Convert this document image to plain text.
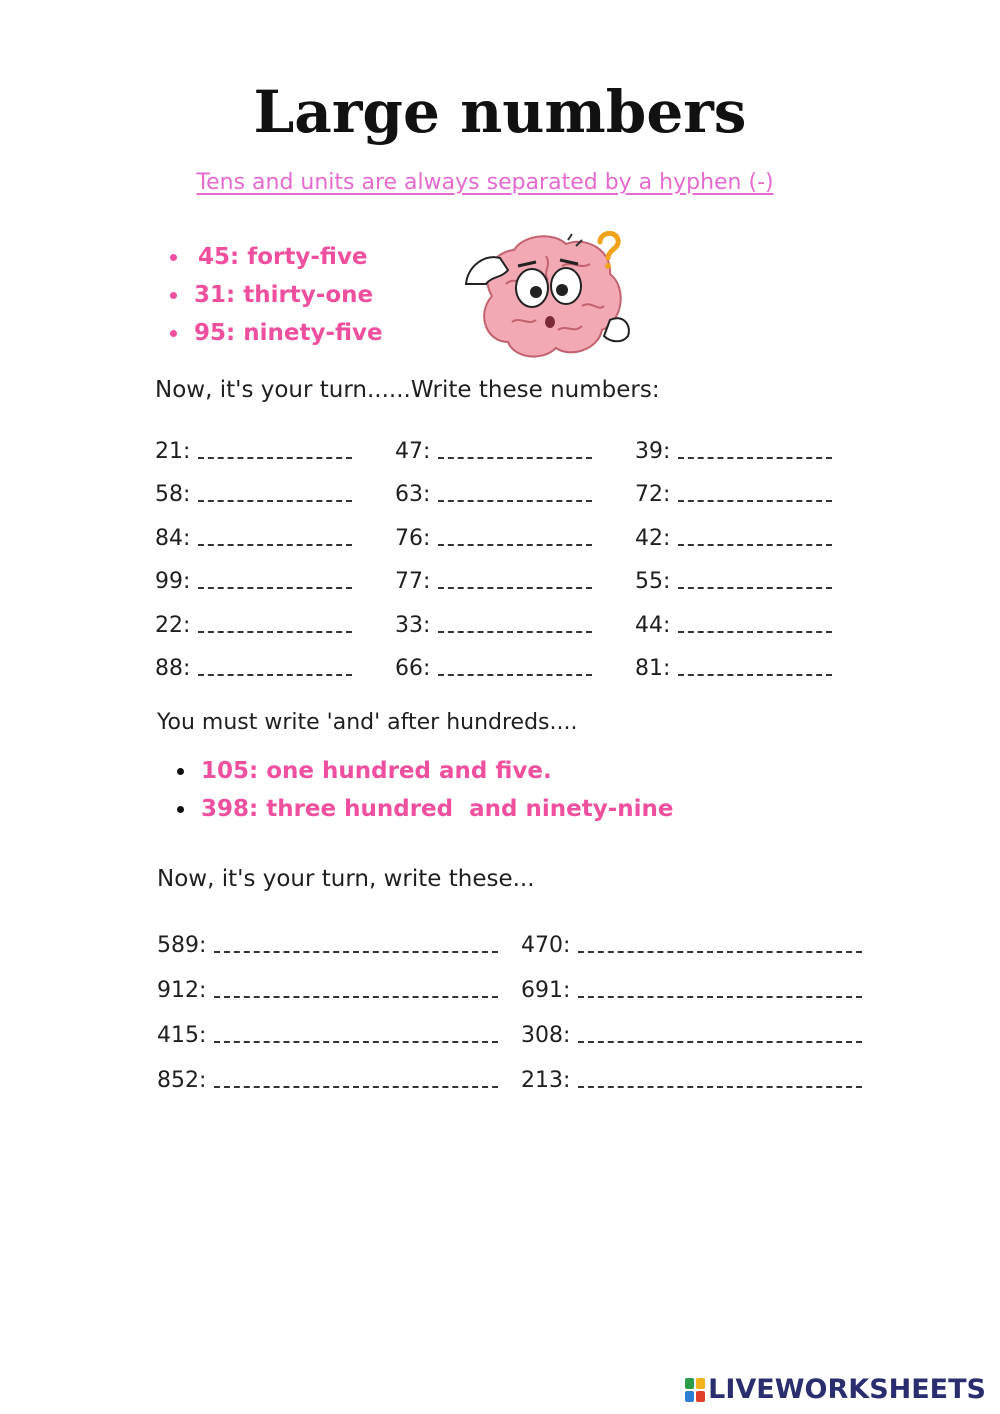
Large numbers
Tens and units are always separated by a hyphen (-)
45: forty-five
31: thirty-one
95: ninety-five
Now, it's your turn......Write these numbers:
21:	47:	39:
58:	63:	72:
84:	76:	42:
99:	77:	55:
22:	33:	44:
88:	66:	81:
You must write 'and' after hundreds....
105: one hundred and five.
398: three hundred  and ninety-nine
Now, it's your turn, write these...
589:	470:
912:	691:
415:	308:
852:	213:
LIVEWORKSHEETS
